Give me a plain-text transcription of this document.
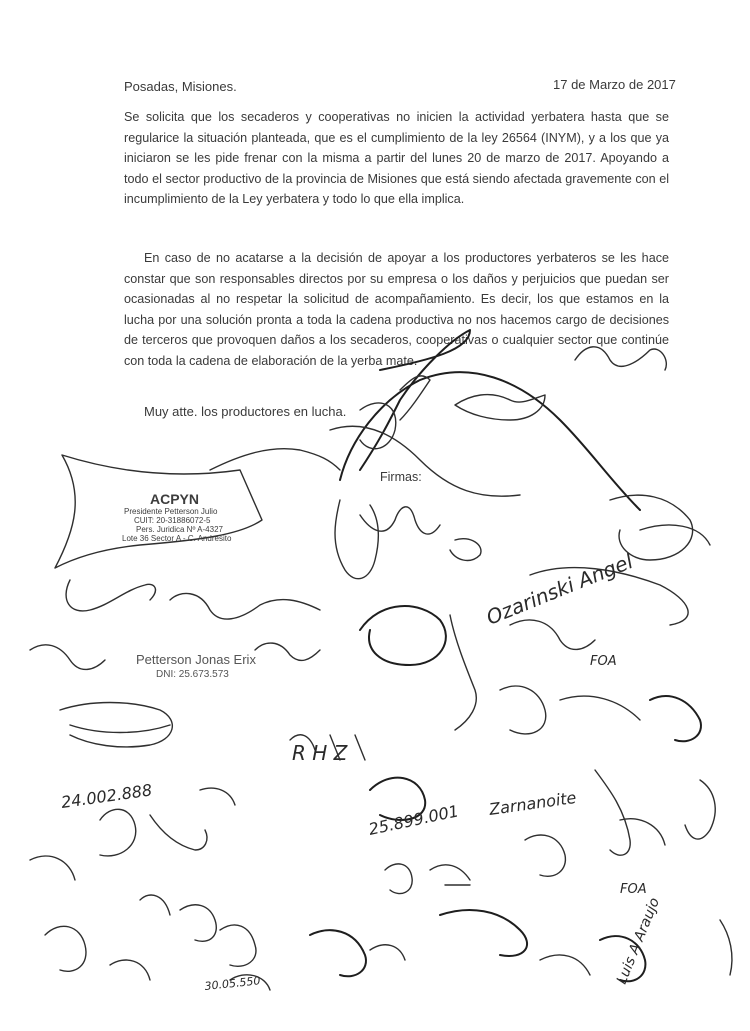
Posadas, Misiones.	17 de Marzo de 2017

Se solicita que los secaderos y cooperativas no inicien la actividad yerbatera hasta que se regularice la situación planteada, que es el cumplimiento de la ley 26564 (INYM), y a los que ya iniciaron se les pide frenar con la misma a partir del lunes 20 de marzo de 2017. Apoyando a todo el sector productivo de la provincia de Misiones que está siendo afectada gravemente con el incumplimiento de la Ley yerbatera y todo lo que ella implica.

En caso de no acatarse a la decisión de apoyar a los productores yerbateros se les hace constar que son responsables directos por su empresa o los daños y perjuicios que puedan ser ocasionadas al no respetar la solicitud de acompañamiento. Es decir, los que estamos en la lucha por una solución pronta a toda la cadena productiva no nos hacemos cargo de decisiones de terceros que provoquen daños a los secaderos, cooperativas o cualquier sector que continúe con toda la cadena de elaboración de la yerba mate.

Muy atte. los productores en lucha.
Firmas:
24.002.888
25.899.001
30.05.550
Ozarinski Angel
Luis A Araujo
Zarnanoite
FOA
FOA
R H Z
ACPYN
Presidente Petterson Julio
CUIT: 20-31886072-5
Pers. Juridica Nº A-4327
Lote 36 Sector A - C. Andresito
Petterson Jonas Erix
DNI: 25.673.573
